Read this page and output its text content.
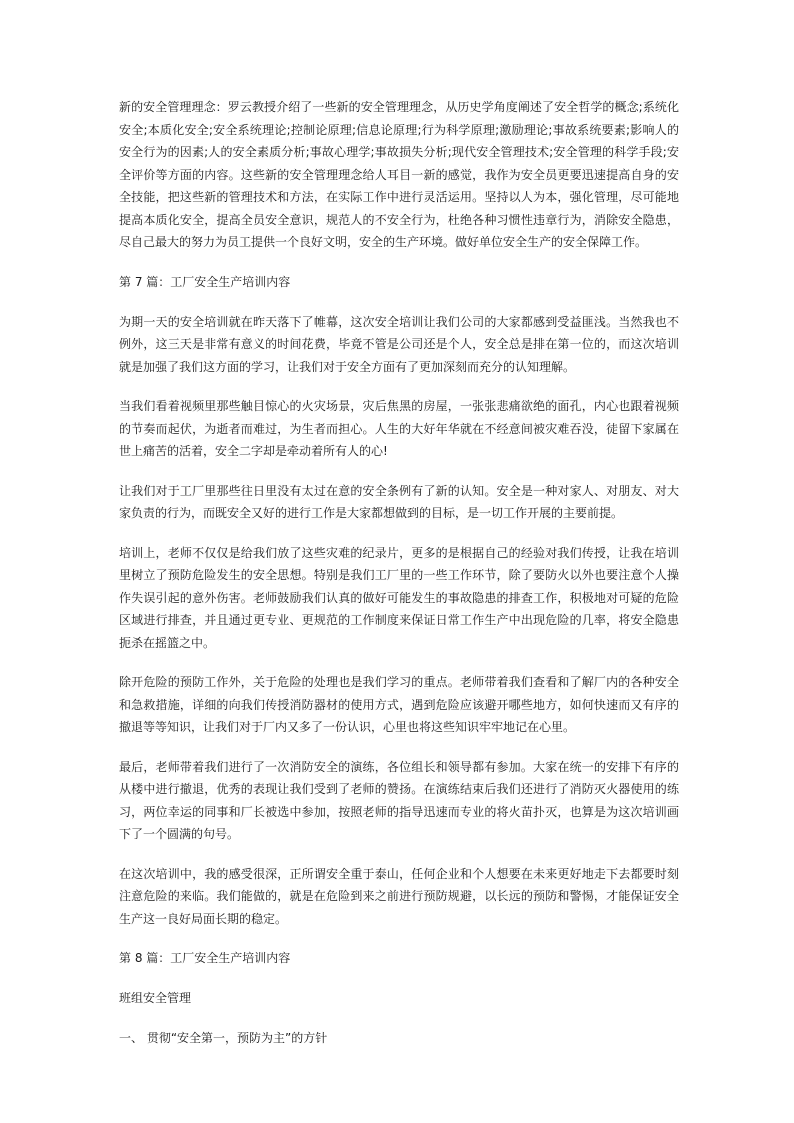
新的安全管理理念：罗云教授介绍了一些新的安全管理理念，从历史学角度阐述了安全哲学的概念;系统化安全;本质化安全;安全系统理论;控制论原理;信息论原理;行为科学原理;激励理论;事故系统要素;影响人的安全行为的因素;人的安全素质分析;事故心理学;事故损失分析;现代安全管理技术;安全管理的科学手段;安全评价等方面的内容。这些新的安全管理理念给人耳目一新的感觉，我作为安全员更要迅速提高自身的安全技能，把这些新的管理技术和方法，在实际工作中进行灵活运用。坚持以人为本，强化管理，尽可能地提高本质化安全，提高全员安全意识，规范人的不安全行为，杜绝各种习惯性违章行为，消除安全隐患，尽自己最大的努力为员工提供一个良好文明，安全的生产环境。做好单位安全生产的安全保障工作。

第 7 篇：工厂安全生产培训内容

为期一天的安全培训就在昨天落下了帷幕，这次安全培训让我们公司的大家都感到受益匪浅。当然我也不例外，这三天是非常有意义的时间花费，毕竟不管是公司还是个人，安全总是排在第一位的，而这次培训就是加强了我们这方面的学习，让我们对于安全方面有了更加深刻而充分的认知理解。

当我们看着视频里那些触目惊心的火灾场景，灾后焦黑的房屋，一张张悲痛欲绝的面孔，内心也跟着视频的节奏而起伏，为逝者而难过，为生者而担心。人生的大好年华就在不经意间被灾难吞没，徒留下家属在世上痛苦的活着，安全二字却是牵动着所有人的心!

让我们对于工厂里那些往日里没有太过在意的安全条例有了新的认知。安全是一种对家人、对朋友、对大家负责的行为，而既安全又好的进行工作是大家都想做到的目标，是一切工作开展的主要前提。

培训上，老师不仅仅是给我们放了这些灾难的纪录片，更多的是根据自己的经验对我们传授，让我在培训里树立了预防危险发生的安全思想。特别是我们工厂里的一些工作环节，除了要防火以外也要注意个人操作失误引起的意外伤害。老师鼓励我们认真的做好可能发生的事故隐患的排查工作，积极地对可疑的危险区域进行排查，并且通过更专业、更规范的工作制度来保证日常工作生产中出现危险的几率，将安全隐患扼杀在摇篮之中。

除开危险的预防工作外，关于危险的处理也是我们学习的重点。老师带着我们查看和了解厂内的各种安全和急救措施，详细的向我们传授消防器材的使用方式，遇到危险应该避开哪些地方，如何快速而又有序的撤退等等知识，让我们对于厂内又多了一份认识，心里也将这些知识牢牢地记在心里。

最后，老师带着我们进行了一次消防安全的演练，各位组长和领导都有参加。大家在统一的安排下有序的从楼中进行撤退，优秀的表现让我们受到了老师的赞扬。在演练结束后我们还进行了消防灭火器使用的练习，两位幸运的同事和厂长被选中参加，按照老师的指导迅速而专业的将火苗扑灭，也算是为这次培训画下了一个圆满的句号。

在这次培训中，我的感受很深，正所谓安全重于泰山，任何企业和个人想要在未来更好地走下去都要时刻注意危险的来临。我们能做的，就是在危险到来之前进行预防规避，以长远的预防和警惕，才能保证安全生产这一良好局面长期的稳定。

第 8 篇：工厂安全生产培训内容

班组安全管理

一、 贯彻“安全第一，预防为主”的方针
